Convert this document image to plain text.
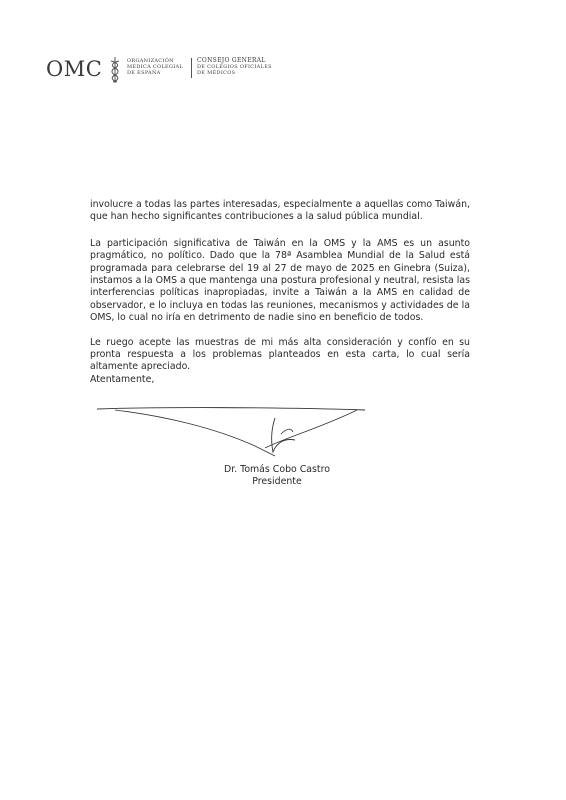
OMC	ORGANIZACIÓN
MÉDICA COLEGIAL
DE ESPAÑA
CONSEJO GENERAL
DE COLEGIOS OFICIALES
DE MÉDICOS

involucre a todas las partes interesadas, especialmente a aquellas como Taiwán, que han hecho significantes contribuciones a la salud pública mundial.

La participación significativa de Taiwán en la OMS y la AMS es un asunto pragmático, no político. Dado que la 78ª Asamblea Mundial de la Salud está programada para celebrarse del 19 al 27 de mayo de 2025 en Ginebra (Suiza), instamos a la OMS a que mantenga una postura profesional y neutral, resista las interferencias políticas inapropiadas, invite a Taiwán a la AMS en calidad de observador, e lo incluya en todas las reuniones, mecanismos y actividades de la OMS, lo cual no iría en detrimento de nadie sino en beneficio de todos.

Le ruego acepte las muestras de mi más alta consideración y confío en su pronta respuesta a los problemas planteados en esta carta, lo cual sería altamente apreciado.

Atentamente,
Dr. Tomás Cobo Castro
Presidente
